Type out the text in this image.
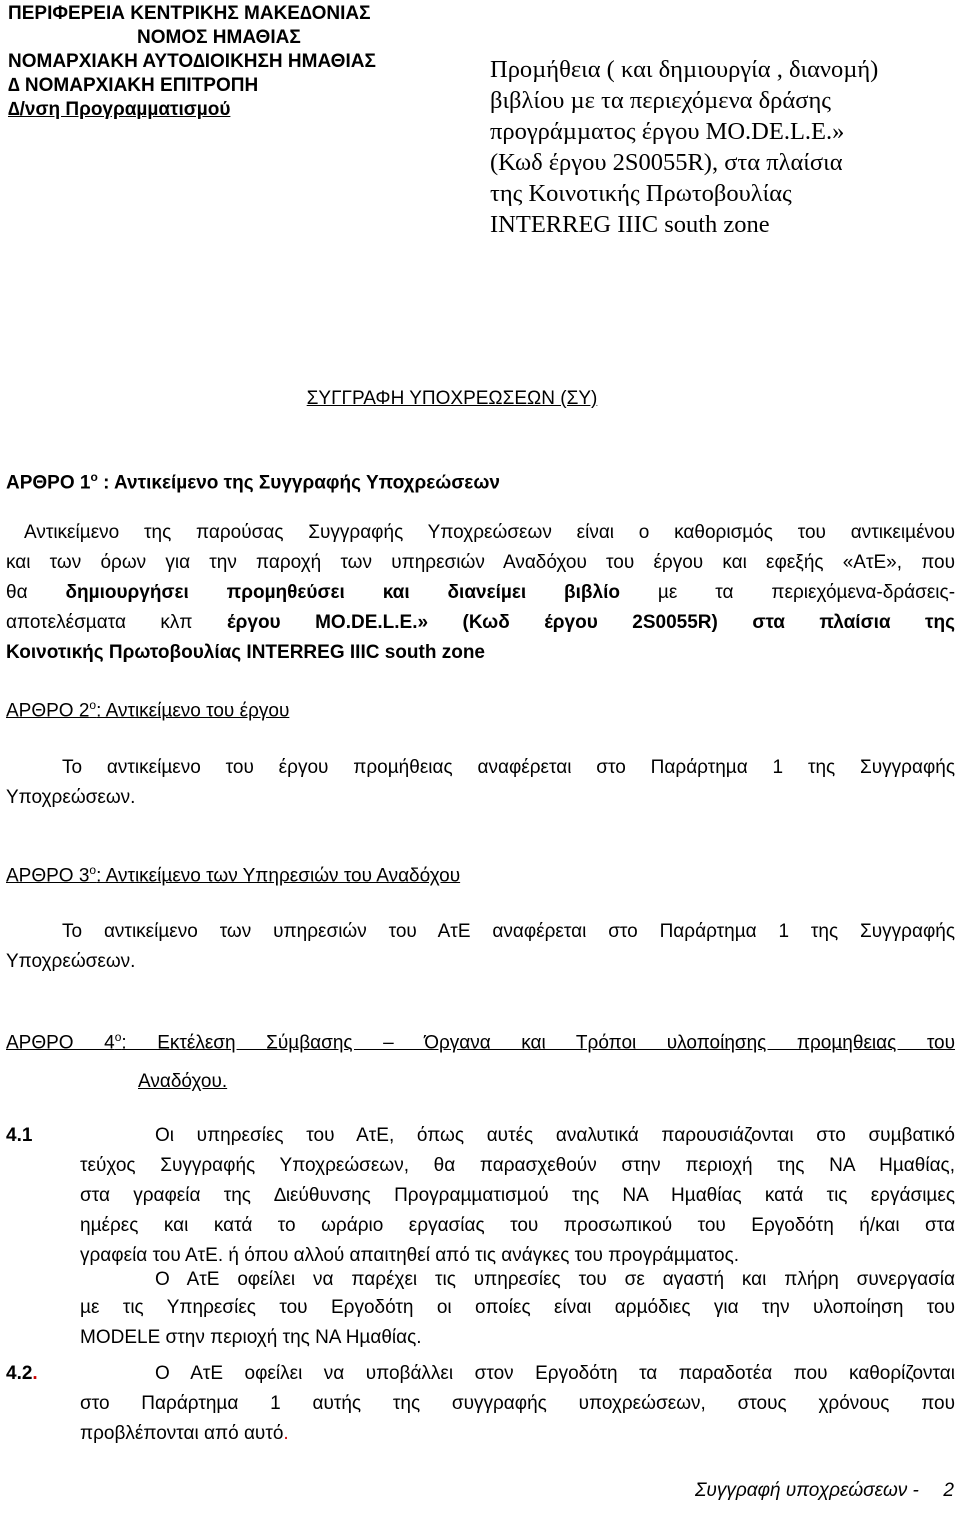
ΠΕΡΙΦΕΡΕΙΑ ΚΕΝΤΡΙΚΗΣ ΜΑΚΕ∆ΟΝΙΑΣ
ΝΟΜΟΣ ΗΜΑΘΙΑΣ
ΝΟΜΑΡΧΙΑΚΗ ΑΥΤΟ∆ΙΟΙΚΗΣΗ ΗΜΑΘΙΑΣ
∆ ΝΟΜΑΡΧΙΑΚΗ ΕΠΙΤΡΟΠΗ
∆/νση Προγραµµατισµού
Προµήθεια ( και δηµιουργία , διανοµή)
βιβλίου µε τα περιεχόµενα δράσης
προγράµµατος έργου ΜΟ.DE.L.E.»
(Κωδ έργου 2S0055R), στα πλαίσια
της Κοινοτικής Πρωτοβουλίας
INTERREG IIIC south zone
ΣΥΓΓΡΑΦΗ ΥΠΟΧΡΕΩΣΕΩΝ (ΣΥ)
ΑΡΘΡΟ $1^o$ : Αντικείµενο της Συγγραφής Υποχρεώσεων
Αντικείµενο της παρούσας Συγγραφής Υποχρεώσεων είναι ο καθορισµός του αντικειµένου
και των όρων για την παροχή των υπηρεσιών Αναδόχου του έργου και εφεξής «ΑτΕ», που
θα δηµιουργήσει προµηθεύσει και διανείµει βιβλίο µε τα περιεχόµενα-δράσεις-
αποτελέσµατα κλπ έργου ΜΟ.DE.L.E.» (Κωδ έργου 2S0055R) στα πλαίσια της
Κοινοτικής Πρωτοβουλίας INTERREG IIIC south zone
ΑΡΘΡΟ $2^o$: Αντικείµενο του έργου
Το αντικείµενο του έργου προµήθειας αναφέρεται στο Παράρτηµα 1 της Συγγραφής
Υποχρεώσεων.
ΑΡΘΡΟ $3^o$: Αντικείµενο των Υπηρεσιών του Αναδόχου
Το αντικείµενο των υπηρεσιών του ΑτΕ αναφέρεται στο Παράρτηµα 1 της Συγγραφής
Υποχρεώσεων.
ΑΡΘΡΟ $4^o$: Εκτέλεση Σύµβασης – Όργανα και Τρόποι υλοποίησης προµηθειας του
Αναδόχου.
4.1	Οι υπηρεσίες του ΑτΕ, όπως αυτές αναλυτικά παρουσιάζονται στο συµβατικό
τεύχος Συγγραφής Υποχρεώσεων, θα παρασχεθούν στην περιοχή της ΝΑ Ηµαθίας,
στα γραφεία της ∆ιεύθυνσης Προγραµµατισµού της ΝΑ Ηµαθίας κατά τις εργάσιµες
ηµέρες και κατά το ωράριο εργασίας του προσωπικού του Εργοδότη ή/και στα
γραφεία του ΑτΕ. ή όπου αλλού απαιτηθεί από τις ανάγκες του προγράµµατος.
Ο ΑτΕ οφείλει να παρέχει τις υπηρεσίες του σε αγαστή και πλήρη συνεργασία
µε τις Υπηρεσίες του Εργοδότη οι οποίες είναι αρµόδιες για την υλοποίηση του
MODELE στην περιοχή της ΝΑ Ηµαθίας.
4.2.	Ο ΑτΕ οφείλει να υποβάλλει στον Εργοδότη τα παραδοτέα που καθορίζονται
στο Παράρτηµα 1 αυτής της συγγραφής υποχρεώσεων, στους χρόνους που
προβλέπονται από αυτό.
Συγγραφή υποχρεώσεων - 2
